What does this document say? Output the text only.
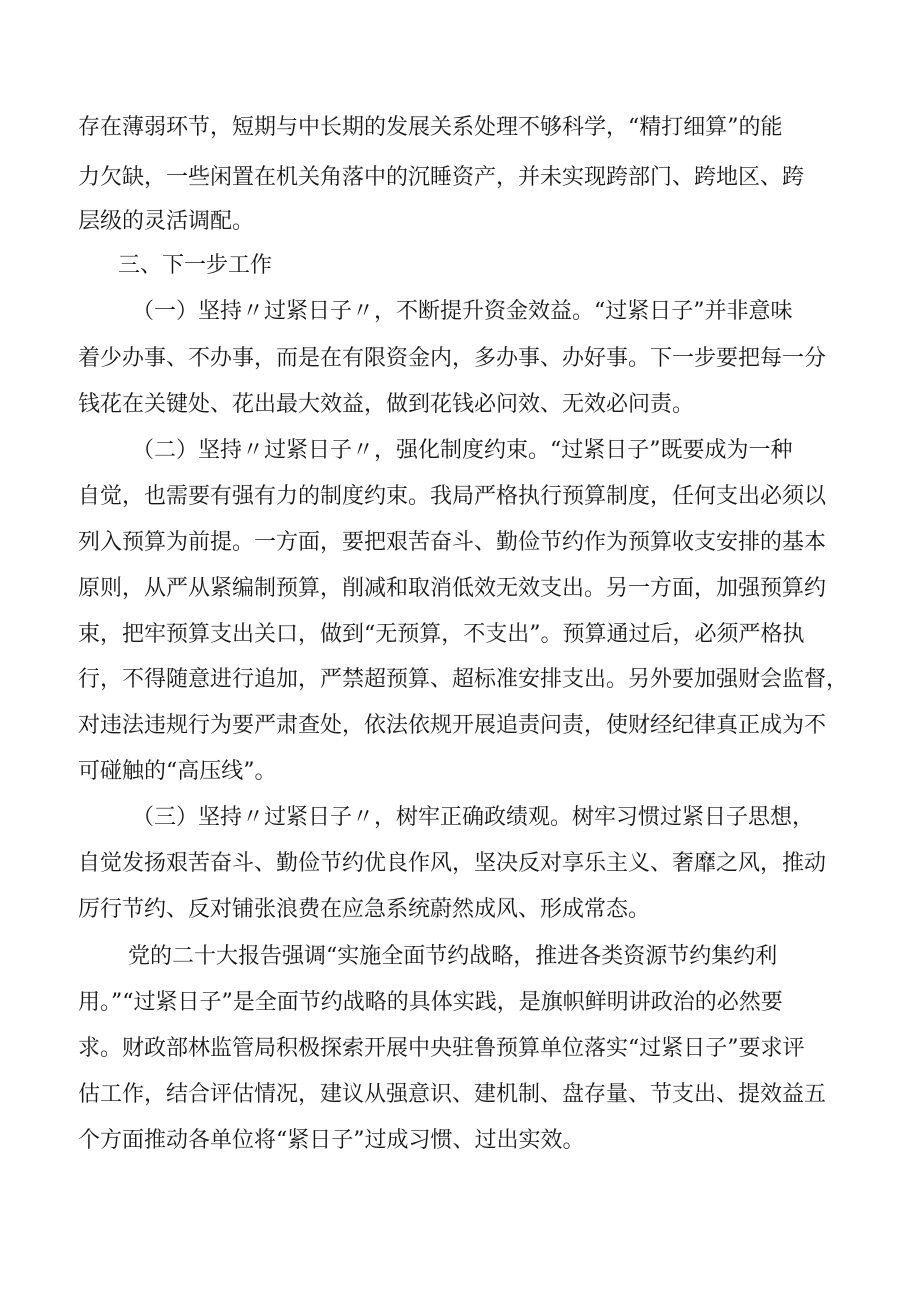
存在薄弱环节，短期与中长期的发展关系处理不够科学，“精打细算”的能
力欠缺，一些闲置在机关角落中的沉睡资产，并未实现跨部门、跨地区、跨
层级的灵活调配。
三、下一步工作
（一）坚持〃过紧日子〃，不断提升资金效益。“过紧日子”并非意味
着少办事、不办事，而是在有限资金内，多办事、办好事。下一步要把每一分
钱花在关键处、花出最大效益，做到花钱必问效、无效必问责。
（二）坚持〃过紧日子〃，强化制度约束。“过紧日子”既要成为一种
自觉，也需要有强有力的制度约束。我局严格执行预算制度，任何支出必须以
列入预算为前提。一方面，要把艰苦奋斗、勤俭节约作为预算收支安排的基本
原则，从严从紧编制预算，削减和取消低效无效支出。另一方面，加强预算约
束，把牢预算支出关口，做到“无预算，不支出”。预算通过后，必须严格执
行，不得随意进行追加，严禁超预算、超标准安排支出。另外要加强财会监督，
对违法违规行为要严肃查处，依法依规开展追责问责，使财经纪律真正成为不
可碰触的“高压线”。
（三）坚持〃过紧日子〃，树牢正确政绩观。树牢习惯过紧日子思想，
自觉发扬艰苦奋斗、勤俭节约优良作风，坚决反对享乐主义、奢靡之风，推动
厉行节约、反对铺张浪费在应急系统蔚然成风、形成常态。
党的二十大报告强调“实施全面节约战略，推进各类资源节约集约利
用。”“过紧日子”是全面节约战略的具体实践，是旗帜鲜明讲政治的必然要
求。财政部林监管局积极探索开展中央驻鲁预算单位落实“过紧日子”要求评
估工作，结合评估情况，建议从强意识、建机制、盘存量、节支出、提效益五
个方面推动各单位将“紧日子”过成习惯、过出实效。
